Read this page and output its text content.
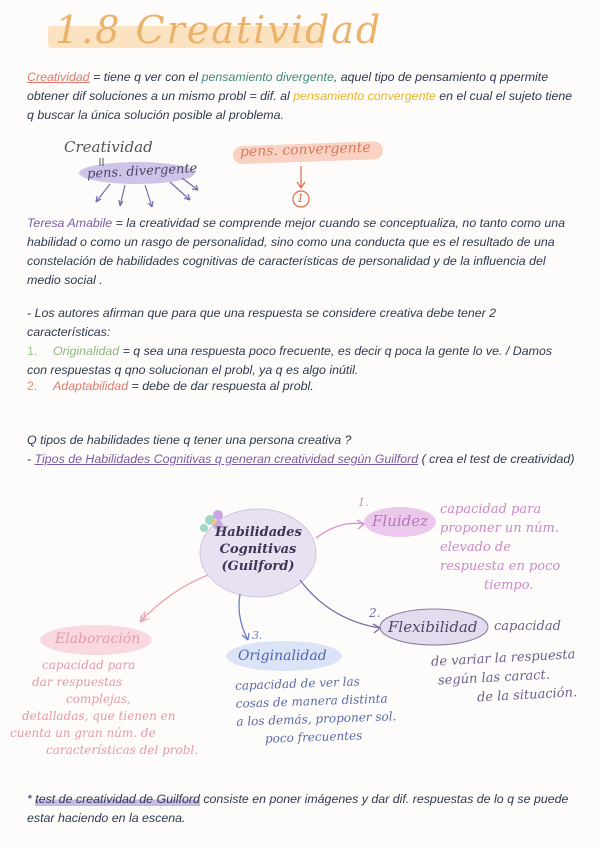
1.8 Creatividad
Creatividad = tiene q ver con el pensamiento divergente, aquel tipo de pensamiento q ppermite obtener dif soluciones a un mismo probl = dif. al pensamiento convergente en el cual el sujeto tiene q buscar la única solución posible al problema.
Creatividad
pens. divergente
pens. convergente
1
Teresa Amabile = la creatividad se comprende mejor cuando se conceptualiza, no tanto como una habilidad o como un rasgo de personalidad, sino como una conducta que es el resultado de una constelación de habilidades cognitivas de características de personalidad y de la influencia del medio social .
- Los autores afirman que para que una respuesta se considere creativa debe tener 2 características:
1. Originalidad = q sea una respuesta poco frecuente, es decir q poca la gente lo ve. / Damos con respuestas q qno solucionan el probl, ya q es algo inútil.
2. Adaptabilidad = debe de dar respuesta al probl.
Q tipos de habilidades tiene q tener una persona creativa ?
- Tipos de Habilidades Cognitivas q generan creatividad según Guilford ( crea el test de creatividad)
Habilidades
Cognitivas
(Guilford)
1.
Fluidez
capacidad para
proponer un núm.
elevado de
respuesta en poco
tiempo.
2.
Flexibilidad capacidad
de variar la respuesta
según las caract.
de la situación.
3.
Originalidad
capacidad de ver las
cosas de manera distinta
a los demás, proponer sol.
poco frecuentes
4.
Elaboración
capacidad para
dar respuestas
complejas,
detalladas, que tienen en
cuenta un gran núm. de
características del probl.
* test de creatividad de Guilford consiste en poner imágenes y dar dif. respuestas de lo q se puede estar haciendo en la escena.
